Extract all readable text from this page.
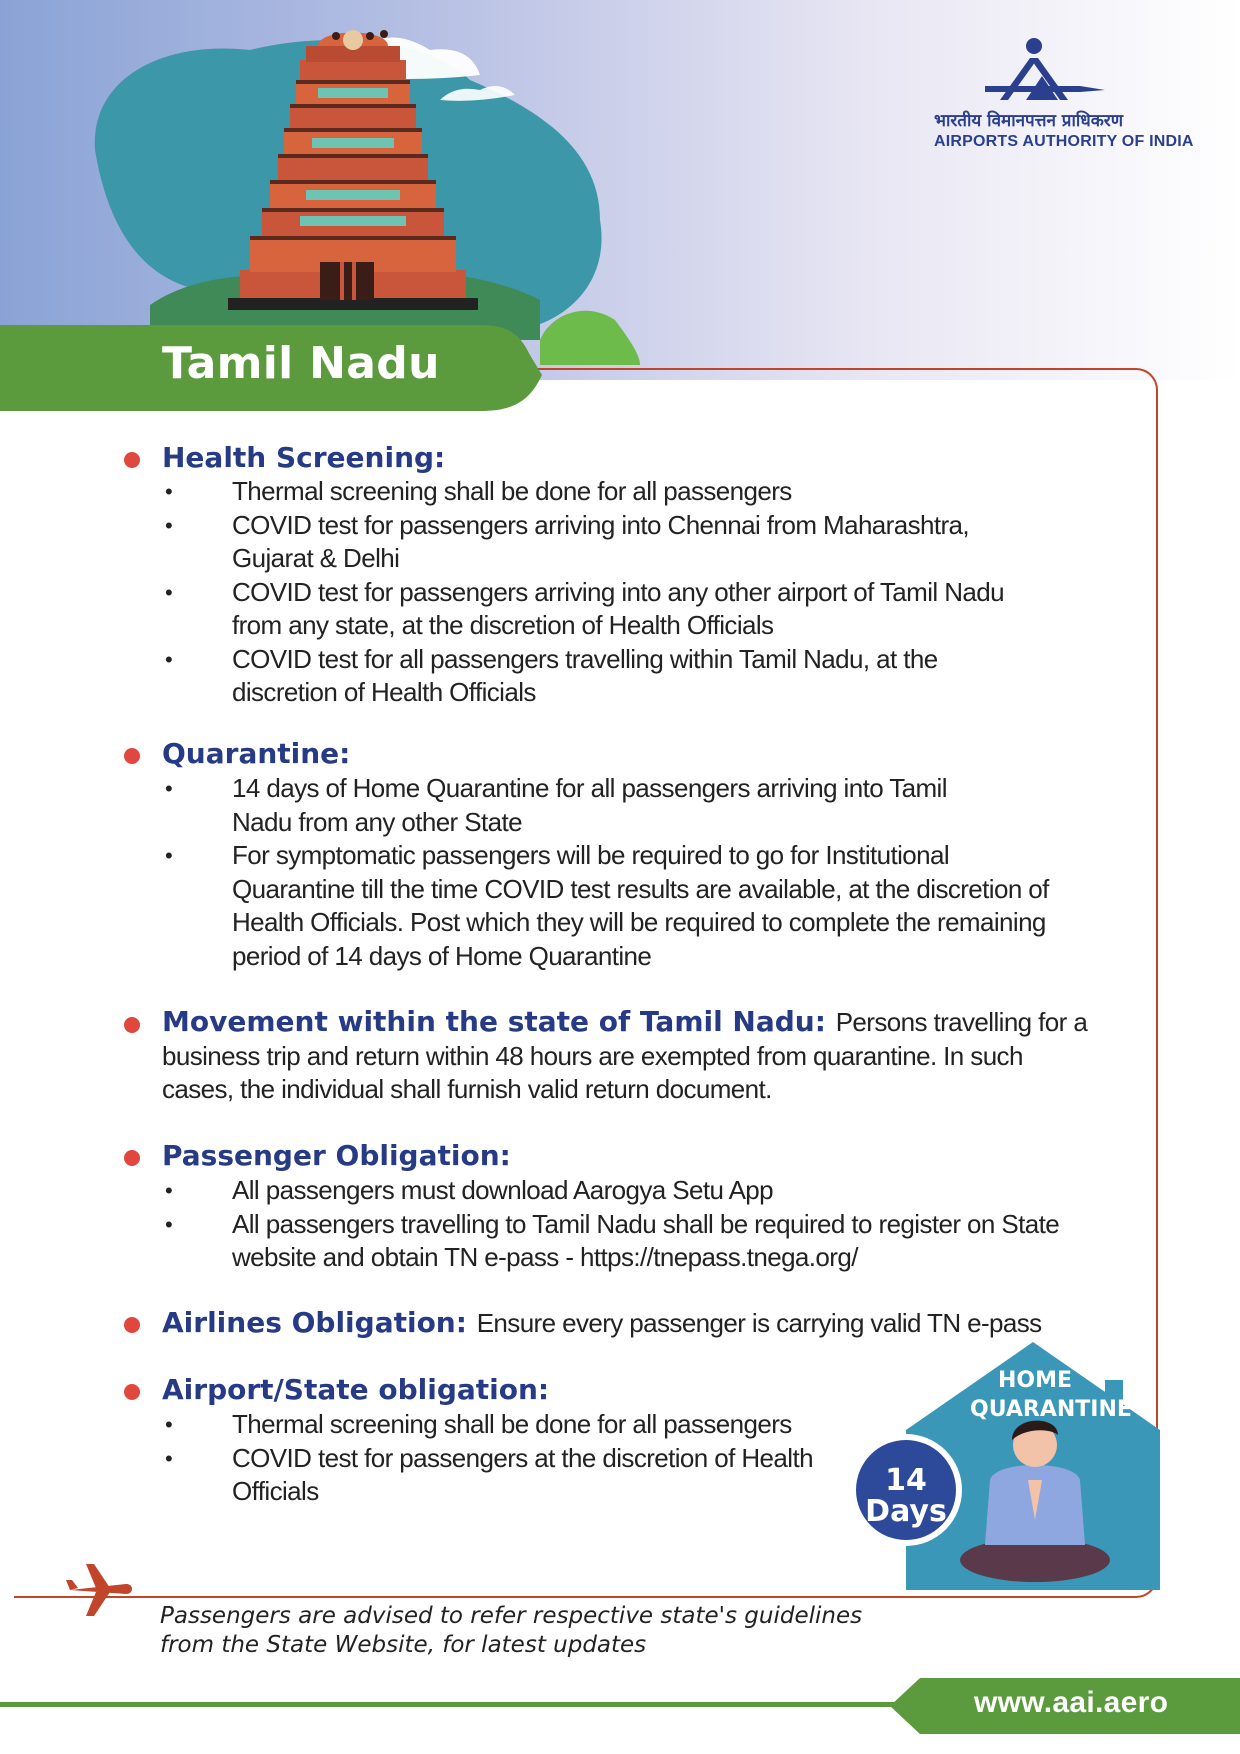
भारतीय विमानपत्तन प्राधिकरण
AIRPORTS AUTHORITY OF INDIA
Tamil Nadu
Health Screening:
• Thermal screening shall be done for all passengers
• COVID test for passengers arriving into Chennai from Maharashtra,
Gujarat & Delhi
• COVID test for passengers arriving into any other airport of Tamil Nadu
from any state, at the discretion of Health Officials
• COVID test for all passengers travelling within Tamil Nadu, at the
discretion of Health Officials
Quarantine:
• 14 days of Home Quarantine for all passengers arriving into Tamil
Nadu from any other State
• For symptomatic passengers will be required to go for Institutional
Quarantine till the time COVID test results are available, at the discretion of
Health Officials. Post which they will be required to complete the remaining
period of 14 days of Home Quarantine
Movement within the state of Tamil Nadu: Persons travelling for a
business trip and return within 48 hours are exempted from quarantine. In such
cases, the individual shall furnish valid return document.
Passenger Obligation:
• All passengers must download Aarogya Setu App
• All passengers travelling to Tamil Nadu shall be required to register on State
website and obtain TN e-pass - https://tnepass.tnega.org/
Airlines Obligation: Ensure every passenger is carrying valid TN e-pass
Airport/State obligation:
• Thermal screening shall be done for all passengers
• COVID test for passengers at the discretion of Health
Officials
HOME
QUARANTINE
14
Days
Passengers are advised to refer respective state's guidelines
from the State Website, for latest updates
www.aai.aero
